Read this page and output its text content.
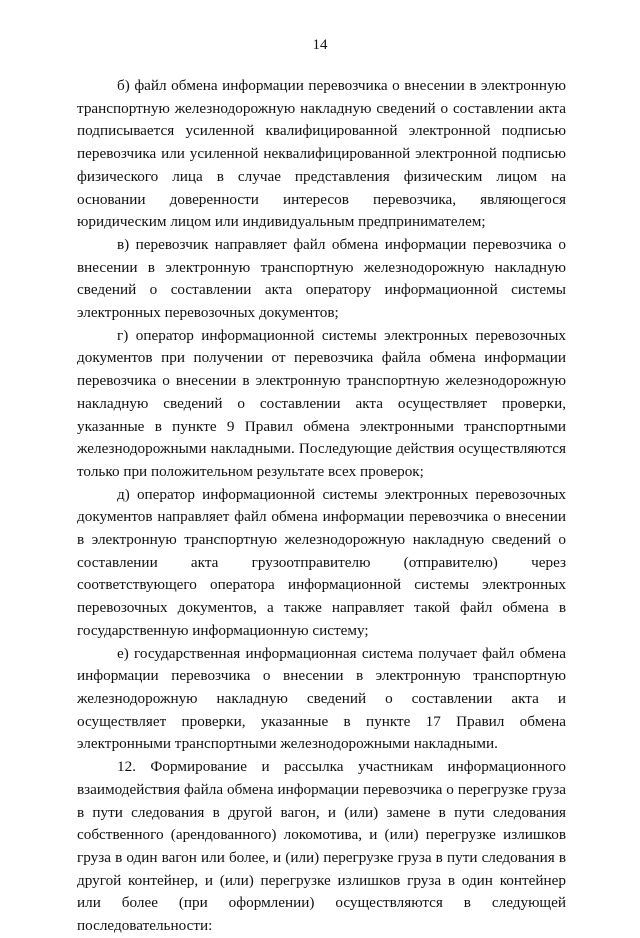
14

б) файл обмена информации перевозчика о внесении в электронную транспортную железнодорожную накладную сведений о составлении акта подписывается усиленной квалифицированной электронной подписью перевозчика или усиленной неквалифицированной электронной подписью физического лица в случае представления физическим лицом на основании доверенности интересов перевозчика, являющегося юридическим лицом или индивидуальным предпринимателем;

в) перевозчик направляет файл обмена информации перевозчика о внесении в электронную транспортную железнодорожную накладную сведений о составлении акта оператору информационной системы электронных перевозочных документов;

г) оператор информационной системы электронных перевозочных документов при получении от перевозчика файла обмена информации перевозчика о внесении в электронную транспортную железнодорожную накладную сведений о составлении акта осуществляет проверки, указанные в пункте 9 Правил обмена электронными транспортными железнодорожными накладными. Последующие действия осуществляются только при положительном результате всех проверок;

д) оператор информационной системы электронных перевозочных документов направляет файл обмена информации перевозчика о внесении в электронную транспортную железнодорожную накладную сведений о составлении акта грузоотправителю (отправителю) через соответствующего оператора информационной системы электронных перевозочных документов, а также направляет такой файл обмена в государственную информационную систему;

е) государственная информационная система получает файл обмена информации перевозчика о внесении в электронную транспортную железнодорожную накладную сведений о составлении акта и осуществляет проверки, указанные в пункте 17 Правил обмена электронными транспортными железнодорожными накладными.

12. Формирование и рассылка участникам информационного взаимодействия файла обмена информации перевозчика о перегрузке груза в пути следования в другой вагон, и (или) замене в пути следования собственного (арендованного) локомотива, и (или) перегрузке излишков груза в один вагон или более, и (или) перегрузке груза в пути следования в другой контейнер, и (или) перегрузке излишков груза в один контейнер или более (при оформлении) осуществляются в следующей последовательности:
